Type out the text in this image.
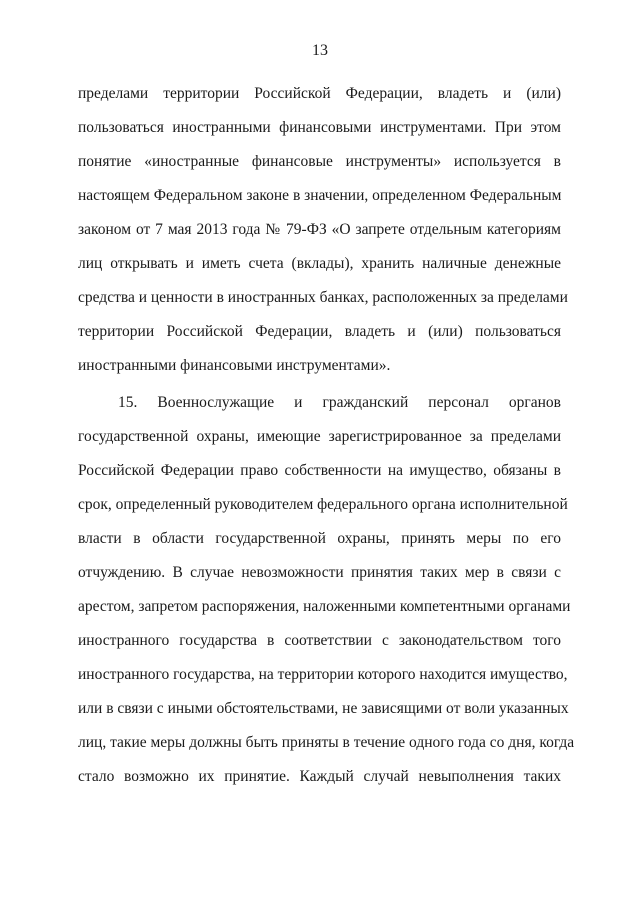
13
пределами территории Российской Федерации, владеть и (или)
пользоваться иностранными финансовыми инструментами. При этом
понятие «иностранные финансовые инструменты» используется в
настоящем Федеральном законе в значении, определенном Федеральным
законом от 7 мая 2013 года № 79-ФЗ «О запрете отдельным категориям
лиц открывать и иметь счета (вклады), хранить наличные денежные
средства и ценности в иностранных банках, расположенных за пределами
территории Российской Федерации, владеть и (или) пользоваться
иностранными финансовыми инструментами».
15. Военнослужащие и гражданский персонал органов
государственной охраны, имеющие зарегистрированное за пределами
Российской Федерации право собственности на имущество, обязаны в
срок, определенный руководителем федерального органа исполнительной
власти в области государственной охраны, принять меры по его
отчуждению. В случае невозможности принятия таких мер в связи с
арестом, запретом распоряжения, наложенными компетентными органами
иностранного государства в соответствии с законодательством того
иностранного государства, на территории которого находится имущество,
или в связи с иными обстоятельствами, не зависящими от воли указанных
лиц, такие меры должны быть приняты в течение одного года со дня, когда
стало возможно их принятие. Каждый случай невыполнения таких
